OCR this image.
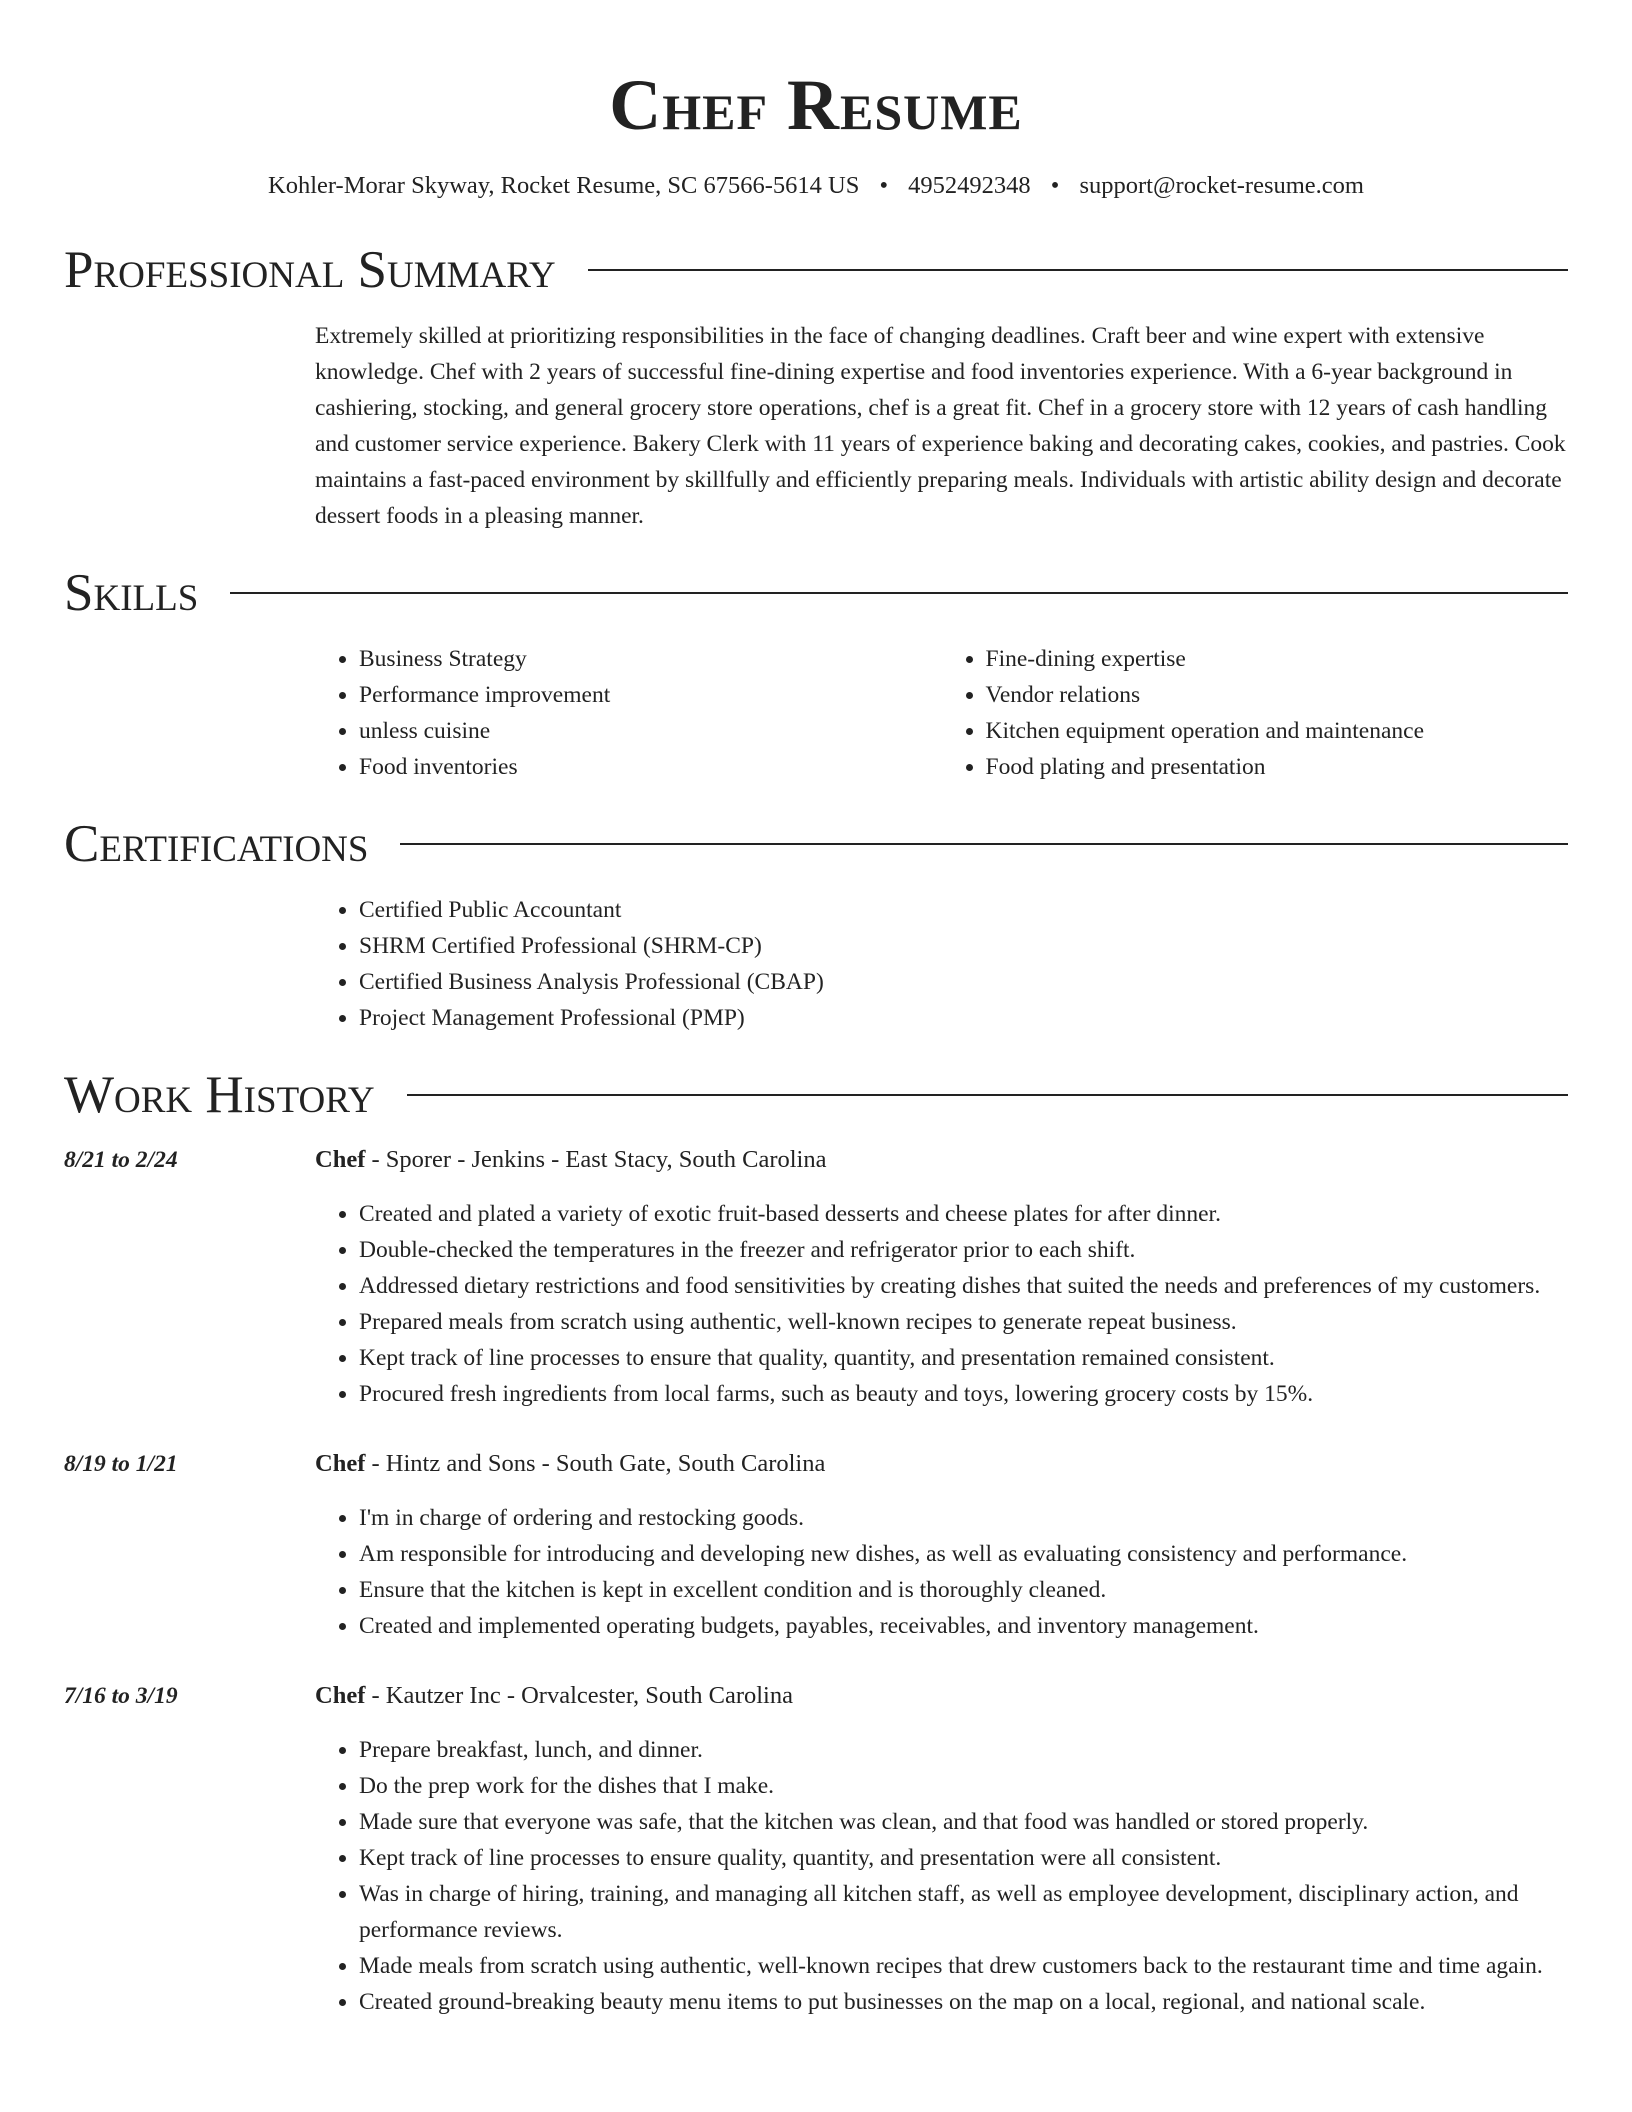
Chef Resume
Kohler-Morar Skyway, Rocket Resume, SC 67566-5614 US • 4952492348 • support@rocket-resume.com
Professional Summary
Extremely skilled at prioritizing responsibilities in the face of changing deadlines. Craft beer and wine expert with extensive knowledge. Chef with 2 years of successful fine-dining expertise and food inventories experience. With a 6-year background in cashiering, stocking, and general grocery store operations, chef is a great fit. Chef in a grocery store with 12 years of cash handling and customer service experience. Bakery Clerk with 11 years of experience baking and decorating cakes, cookies, and pastries. Cook maintains a fast-paced environment by skillfully and efficiently preparing meals. Individuals with artistic ability design and decorate dessert foods in a pleasing manner.
Skills
• Business Strategy
• Performance improvement
• unless cuisine
• Food inventories
• Fine-dining expertise
• Vendor relations
• Kitchen equipment operation and maintenance
• Food plating and presentation
Certifications
• Certified Public Accountant
• SHRM Certified Professional (SHRM-CP)
• Certified Business Analysis Professional (CBAP)
• Project Management Professional (PMP)
Work History
8/21 to 2/24	Chef - Sporer - Jenkins - East Stacy, South Carolina
• Created and plated a variety of exotic fruit-based desserts and cheese plates for after dinner.
• Double-checked the temperatures in the freezer and refrigerator prior to each shift.
• Addressed dietary restrictions and food sensitivities by creating dishes that suited the needs and preferences of my customers.
• Prepared meals from scratch using authentic, well-known recipes to generate repeat business.
• Kept track of line processes to ensure that quality, quantity, and presentation remained consistent.
• Procured fresh ingredients from local farms, such as beauty and toys, lowering grocery costs by 15%.
8/19 to 1/21	Chef - Hintz and Sons - South Gate, South Carolina
• I'm in charge of ordering and restocking goods.
• Am responsible for introducing and developing new dishes, as well as evaluating consistency and performance.
• Ensure that the kitchen is kept in excellent condition and is thoroughly cleaned.
• Created and implemented operating budgets, payables, receivables, and inventory management.
7/16 to 3/19	Chef - Kautzer Inc - Orvalcester, South Carolina
• Prepare breakfast, lunch, and dinner.
• Do the prep work for the dishes that I make.
• Made sure that everyone was safe, that the kitchen was clean, and that food was handled or stored properly.
• Kept track of line processes to ensure quality, quantity, and presentation were all consistent.
• Was in charge of hiring, training, and managing all kitchen staff, as well as employee development, disciplinary action, and performance reviews.
• Made meals from scratch using authentic, well-known recipes that drew customers back to the restaurant time and time again.
• Created ground-breaking beauty menu items to put businesses on the map on a local, regional, and national scale.
